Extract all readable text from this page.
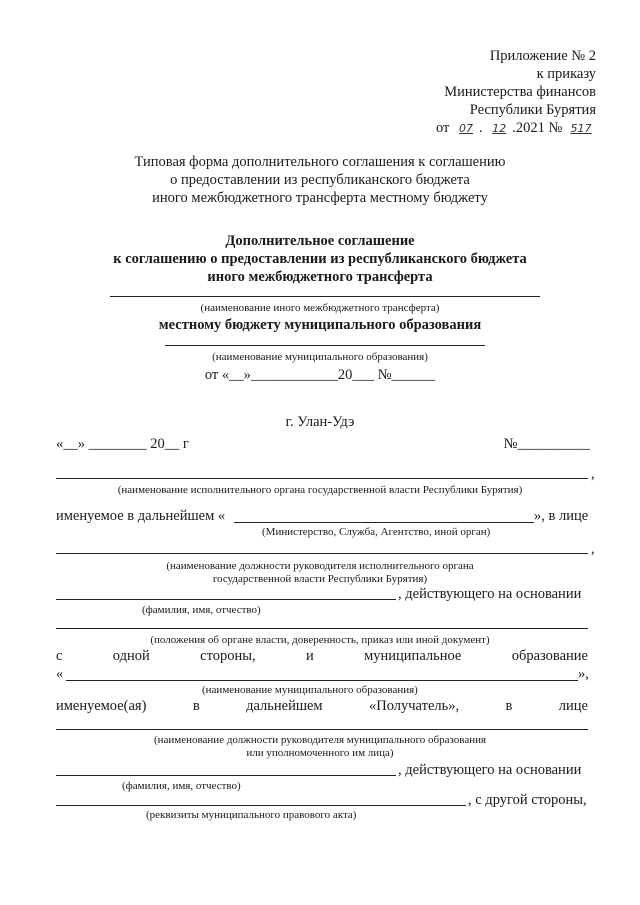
Приложение № 2
к приказу
Министерства финансов
Республики Бурятия
от 07 . 12 .2021 № 517
Типовая форма дополнительного соглашения к соглашению
о предоставлении из республиканского бюджета
иного межбюджетного трансферта местному бюджету
Дополнительное соглашение
к соглашению о предоставлении из республиканского бюджета
иного межбюджетного трансферта
(наименование иного межбюджетного трансферта)
местному бюджету муниципального образования
(наименование муниципального образования)
от «__»____________20___ №______
г. Улан-Удэ
«__» ________ 20__ г	№__________
,
(наименование исполнительного органа государственной власти Республики Бурятия)
именуемое в дальнейшем «	», в лице
(Министерство, Служба, Агентство, иной орган)
,
(наименование должности руководителя исполнительного органа
государственной власти Республики Бурятия)
, действующего на основании
(фамилия, имя, отчество)
(положения об органе власти, доверенность, приказ или иной документ)
с	одной	стороны,	и	муниципальное	образование
«	»,
(наименование муниципального образования)
именуемое(ая)	в	дальнейшем	«Получатель»,	в	лице
(наименование должности руководителя муниципального образования
или уполномоченного им лица)
, действующего на основании
(фамилия, имя, отчество)
, с другой стороны,
(реквизиты муниципального правового акта)
